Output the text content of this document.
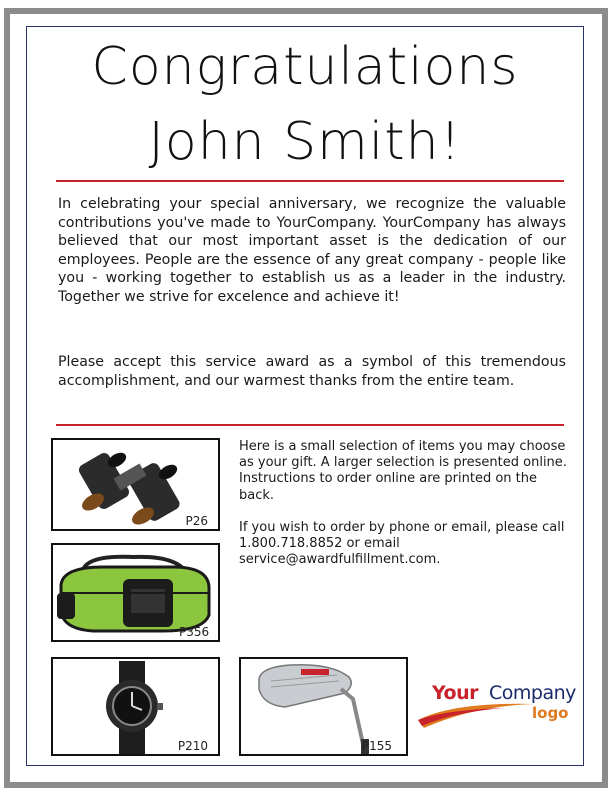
Congratulations
John Smith!

In celebrating your special anniversary, we recognize the valuable contributions you've made to YourCompany. YourCompany has always believed that our most important asset is the dedication of our employees. People are the essence of any great company - people like you - working together to establish us as a leader in the industry. Together we strive for excelence and achieve it!

Please accept this service award as a symbol of this tremendous accomplishment, and our warmest thanks from the entire team.

P26
P356
P210	P155

Here is a small selection of items you may choose as your gift. A larger selection is presented online. Instructions to order online are printed on the back.

If you wish to order by phone or email, please call 1.800.718.8852 or email service@awardfulfillment.com.

Your Company
logo
